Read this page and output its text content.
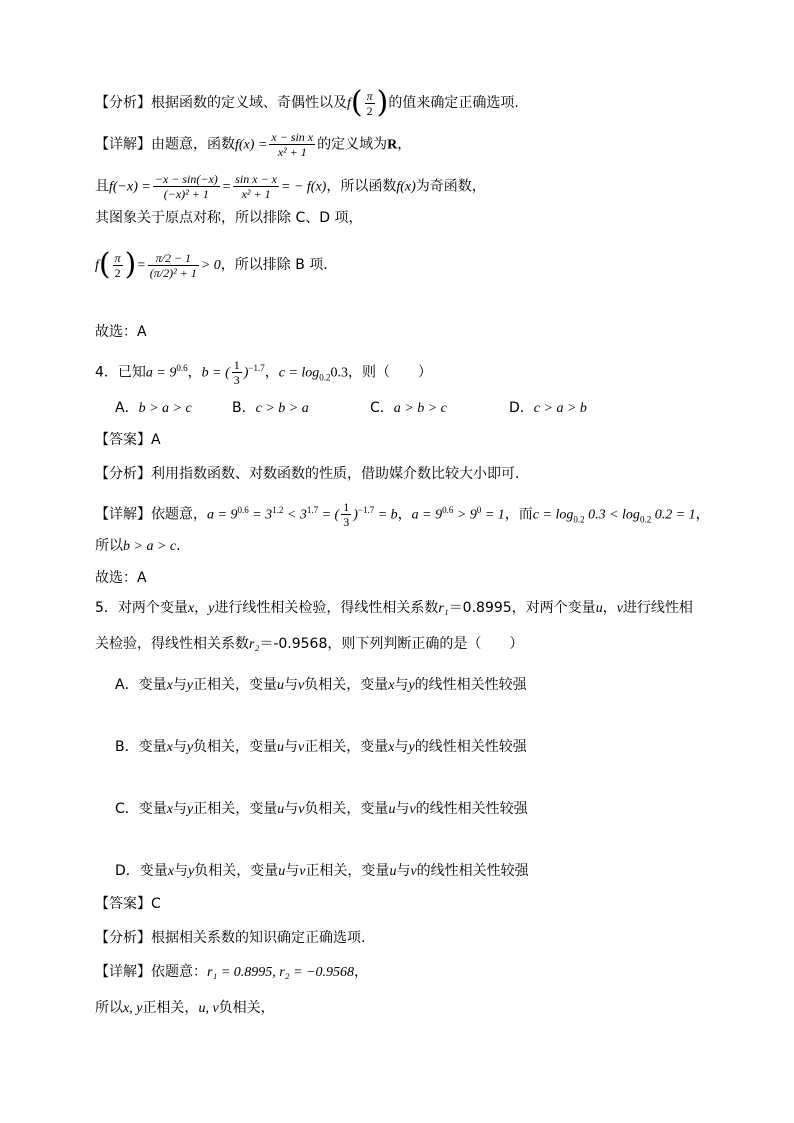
【分析】根据函数的定义域、奇偶性以及$f( \frac{\pi}{2}$ )的值来确定正确选项.
【详解】由题意，函数$f(x) = \frac{\text{x − sin x}}{\text{x² + 1}}$ 的定义域为R，
且$f(-x) = \frac{-x - \sin(-x)}{\text{(−x)² + 1}} = \frac{\text{sin x − x}}{\text{x² + 1}}$ = − f(x)，所以函数f(x)为奇函数，
其图象关于原点对称，所以排除 C、D 项，
$f( \frac{\pi}{2}$ )= $\frac{\pi/2 - 1}{\text{(π/2)² + 1}} > 0$，所以排除 B 项．
故选：A
4．已知$a = 9^{0.6}$，b = ( $\frac{1}{3} )^{-1.7}$，$c = \log_{0.2}0.3$，则（　　）
A．b > a > c	B．c > b > a	C．a > b > c	D．c > a > b
【答案】A
【分析】利用指数函数、对数函数的性质，借助媒介数比较大小即可.
【详解】依题意，$a = 9^{0.6} = 3^{1.2} < 3^{1.7}$ = ( $\frac{1}{3} )^{-1.7} = b$，$a = 9^{0.6} > 9^0 = 1$，而$c = \log_{0.2} 0.3 < \log_{0.2} 0.2 = 1$，
所以b > a > c.
故选：A
5．对两个变量x，y进行线性相关检验，得线性相关系数r₁＝0.8995，对两个变量u，v进行线性相
关检验，得线性相关系数r₂＝-0.9568，则下列判断正确的是（　　）
A．变量x与y正相关，变量u与v负相关，变量x与y的线性相关性较强
B．变量x与y负相关，变量u与v正相关，变量x与y的线性相关性较强
C．变量x与y正相关，变量u与v负相关，变量u与v的线性相关性较强
D．变量x与y负相关，变量u与v正相关，变量u与v的线性相关性较强
【答案】C
【分析】根据相关系数的知识确定正确选项.
【详解】依题意：r₁ = 0.8995, r₂ = −0.9568，
所以x, y正相关，u, v负相关，
